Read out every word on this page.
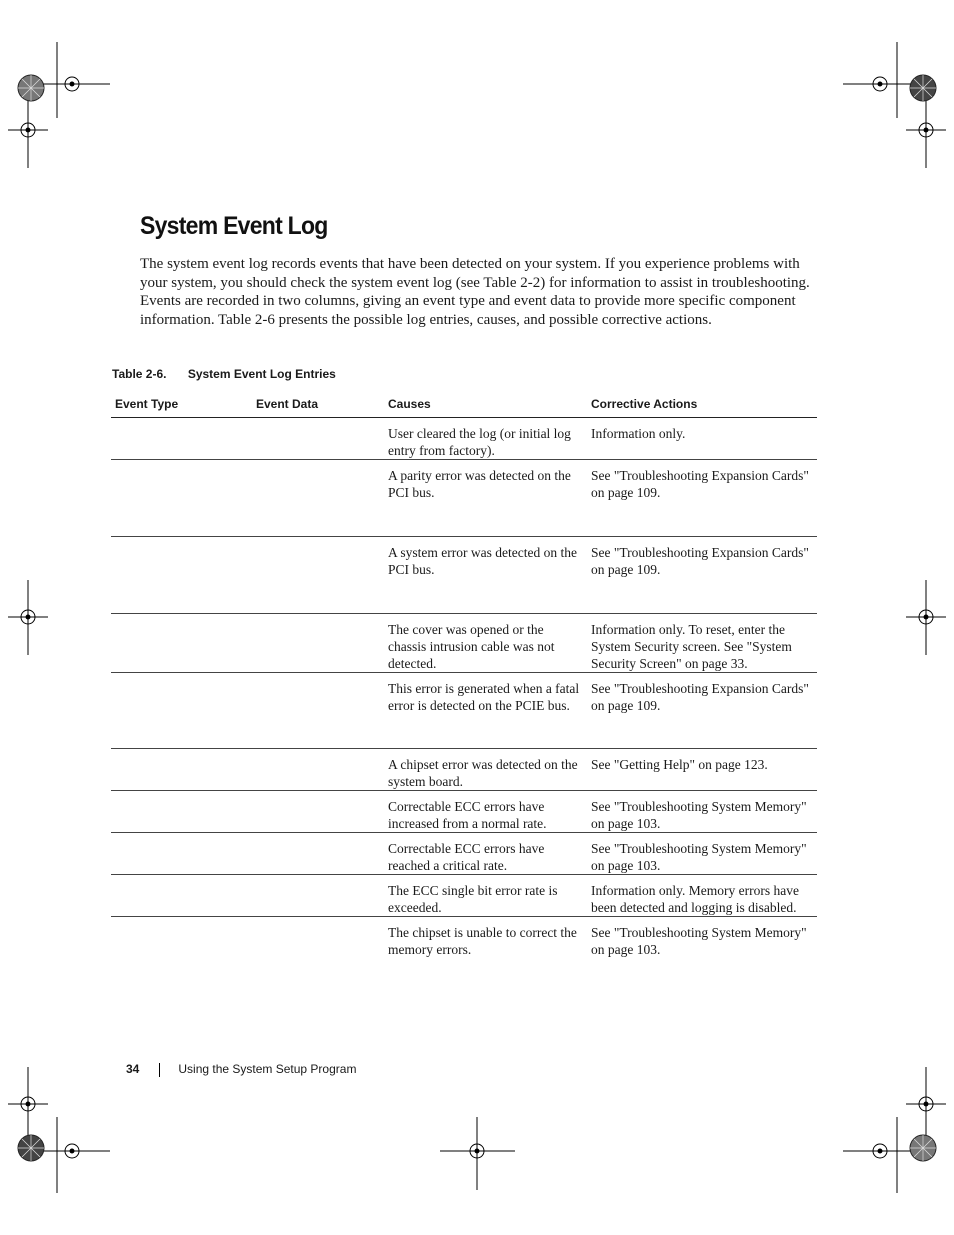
System Event Log

The system event log records events that have been detected on your system. If you experience problems with your system, you should check the system event log (see Table 2-2) for information to assist in troubleshooting. Events are recorded in two columns, giving an event type and event data to provide more specific component information. Table 2-6 presents the possible log entries, causes, and possible corrective actions.

Table 2-6. System Event Log Entries
Event Type	Event Data	Causes	Corrective Actions
		User cleared the log (or initial log entry from factory).	Information only.
		A parity error was detected on the PCI bus.	See "Troubleshooting Expansion Cards" on page 109.
		A system error was detected on the PCI bus.	See "Troubleshooting Expansion Cards" on page 109.
		The cover was opened or the chassis intrusion cable was not detected.	Information only. To reset, enter the System Security screen. See "System Security Screen" on page 33.
		This error is generated when a fatal error is detected on the PCIE bus.	See "Troubleshooting Expansion Cards" on page 109.
		A chipset error was detected on the system board.	See "Getting Help" on page 123.
		Correctable ECC errors have increased from a normal rate.	See "Troubleshooting System Memory" on page 103.
		Correctable ECC errors have reached a critical rate.	See "Troubleshooting System Memory" on page 103.
		The ECC single bit error rate is exceeded.	Information only. Memory errors have been detected and logging is disabled.
		The chipset is unable to correct the memory errors.	See "Troubleshooting System Memory" on page 103.
34	Using the System Setup Program
